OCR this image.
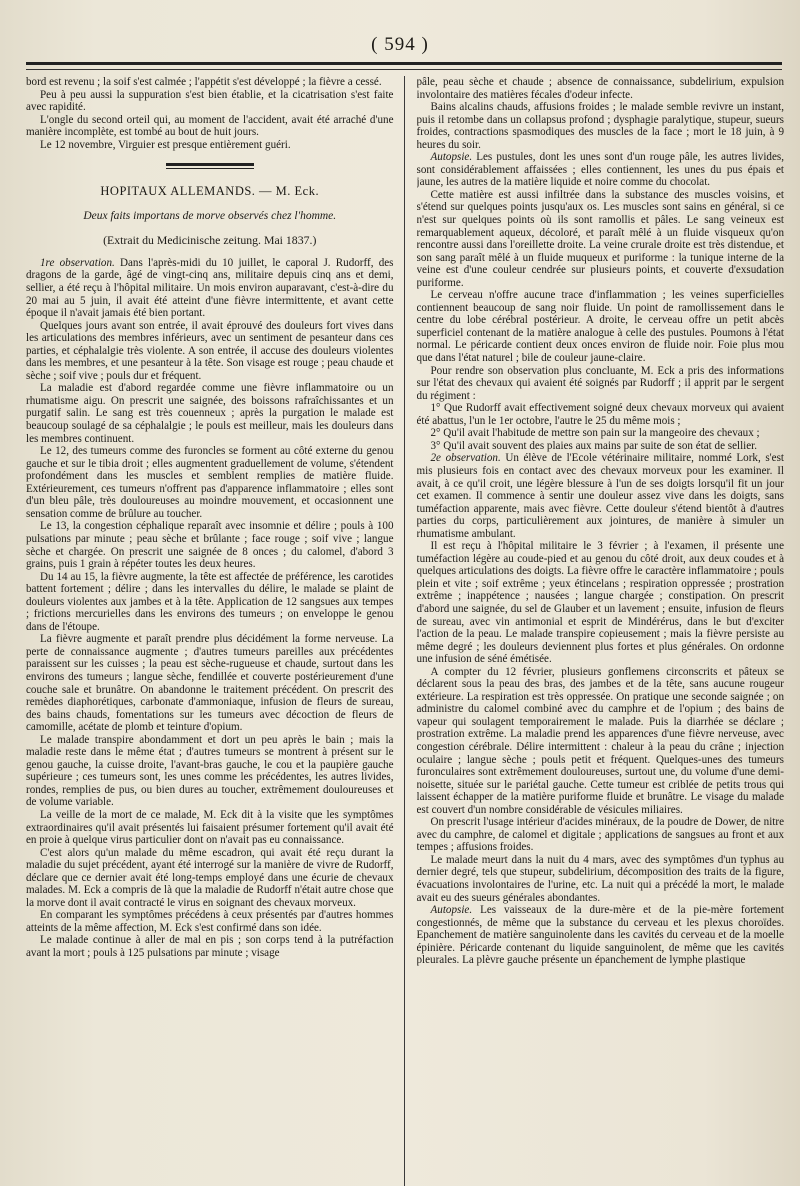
( 594 )

bord est revenu ; la soif s'est calmée ; l'appétit s'est développé ; la fièvre a cessé.

Peu à peu aussi la suppuration s'est bien établie, et la cicatrisation s'est faite avec rapidité.

L'ongle du second orteil qui, au moment de l'accident, avait été arraché d'une manière incomplète, est tombé au bout de huit jours.

Le 12 novembre, Virguier est presque entièrement guéri.

HOPITAUX ALLEMANDS. — M. Eck.
Deux faits importans de morve observés chez l'homme.
(Extrait du Medicinische zeitung. Mai 1837.)

1re observation. Dans l'après-midi du 10 juillet, le caporal J. Rudorff, des dragons de la garde, âgé de vingt-cinq ans, militaire depuis cinq ans et demi, sellier, a été reçu à l'hôpital militaire. Un mois environ auparavant, c'est-à-dire du 20 mai au 5 juin, il avait été atteint d'une fièvre intermittente, et avant cette époque il n'avait jamais été bien portant.

Quelques jours avant son entrée, il avait éprouvé des douleurs fort vives dans les articulations des membres inférieurs, avec un sentiment de pesanteur dans ces parties, et céphalalgie très violente. A son entrée, il accuse des douleurs violentes dans les membres, et une pesanteur à la tête. Son visage est rouge ; peau chaude et sèche ; soif vive ; pouls dur et fréquent.

La maladie est d'abord regardée comme une fièvre inflammatoire ou un rhumatisme aigu. On prescrit une saignée, des boissons rafraîchissantes et un purgatif salin. Le sang est très couenneux ; après la purgation le malade est beaucoup soulagé de sa céphalalgie ; le pouls est meilleur, mais les douleurs dans les membres continuent.

Le 12, des tumeurs comme des furoncles se forment au côté externe du genou gauche et sur le tibia droit ; elles augmentent graduellement de volume, s'étendent profondément dans les muscles et semblent remplies de matière fluide. Extérieurement, ces tumeurs n'offrent pas d'apparence inflammatoire ; elles sont d'un bleu pâle, très douloureuses au moindre mouvement, et occasionnent une sensation comme de brûlure au toucher.

Le 13, la congestion céphalique reparaît avec insomnie et délire ; pouls à 100 pulsations par minute ; peau sèche et brûlante ; face rouge ; soif vive ; langue sèche et chargée. On prescrit une saignée de 8 onces ; du calomel, d'abord 3 grains, puis 1 grain à répéter toutes les deux heures.

Du 14 au 15, la fièvre augmente, la tête est affectée de préférence, les carotides battent fortement ; délire ; dans les intervalles du délire, le malade se plaint de douleurs violentes aux jambes et à la tête. Application de 12 sangsues aux tempes ; frictions mercurielles dans les environs des tumeurs ; on enveloppe le genou dans de l'étoupe.

La fièvre augmente et paraît prendre plus décidément la forme nerveuse. La perte de connaissance augmente ; d'autres tumeurs pareilles aux précédentes paraissent sur les cuisses ; la peau est sèche-rugueuse et chaude, surtout dans les environs des tumeurs ; langue sèche, fendillée et couverte postérieurement d'une couche sale et brunâtre. On abandonne le traitement précédent. On prescrit des remèdes diaphorétiques, carbonate d'ammoniaque, infusion de fleurs de sureau, des bains chauds, fomentations sur les tumeurs avec décoction de fleurs de camomille, acétate de plomb et teinture d'opium.

Le malade transpire abondamment et dort un peu après le bain ; mais la maladie reste dans le même état ; d'autres tumeurs se montrent à présent sur le genou gauche, la cuisse droite, l'avant-bras gauche, le cou et la paupière gauche supérieure ; ces tumeurs sont, les unes comme les précédentes, les autres livides, rondes, remplies de pus, ou bien dures au toucher, extrêmement douloureuses et de volume variable.

La veille de la mort de ce malade, M. Eck dit à la visite que les symptômes extraordinaires qu'il avait présentés lui faisaient présumer fortement qu'il avait été en proie à quelque virus particulier dont on n'avait pas eu connaissance.

C'est alors qu'un malade du même escadron, qui avait été reçu durant la maladie du sujet précédent, ayant été interrogé sur la manière de vivre de Rudorff, déclare que ce dernier avait été long-temps employé dans une écurie de chevaux malades. M. Eck a compris de là que la maladie de Rudorff n'était autre chose que la morve dont il avait contracté le virus en soignant des chevaux morveux.

En comparant les symptômes précédens à ceux présentés par d'autres hommes atteints de la même affection, M. Eck s'est confirmé dans son idée.

Le malade continue à aller de mal en pis ; son corps tend à la putréfaction avant la mort ; pouls à 125 pulsations par minute ; visage

pâle, peau sèche et chaude ; absence de connaissance, subdelirium, expulsion involontaire des matières fécales d'odeur infecte.

Bains alcalins chauds, affusions froides ; le malade semble revivre un instant, puis il retombe dans un collapsus profond ; dysphagie paralytique, stupeur, sueurs froides, contractions spasmodiques des muscles de la face ; mort le 18 juin, à 9 heures du soir.

Autopsie. Les pustules, dont les unes sont d'un rouge pâle, les autres livides, sont considérablement affaissées ; elles contiennent, les unes du pus épais et jaune, les autres de la matière liquide et noire comme du chocolat.

Cette matière est aussi infiltrée dans la substance des muscles voisins, et s'étend sur quelques points jusqu'aux os. Les muscles sont sains en général, si ce n'est sur quelques points où ils sont ramollis et pâles. Le sang veineux est remarquablement aqueux, décoloré, et paraît mêlé à un fluide visqueux qu'on rencontre aussi dans l'oreillette droite. La veine crurale droite est très distendue, et son sang paraît mêlé à un fluide muqueux et puriforme : la tunique interne de la veine est d'une couleur cendrée sur plusieurs points, et couverte d'exsudation puriforme.

Le cerveau n'offre aucune trace d'inflammation ; les veines superficielles contiennent beaucoup de sang noir fluide. Un point de ramollissement dans le centre du lobe cérébral postérieur. A droite, le cerveau offre un petit abcès superficiel contenant de la matière analogue à celle des pustules. Poumons à l'état normal. Le péricarde contient deux onces environ de fluide noir. Foie plus mou que dans l'état naturel ; bile de couleur jaune-claire.

Pour rendre son observation plus concluante, M. Eck a pris des informations sur l'état des chevaux qui avaient été soignés par Rudorff ; il apprit par le sergent du régiment :

1° Que Rudorff avait effectivement soigné deux chevaux morveux qui avaient été abattus, l'un le 1er octobre, l'autre le 25 du même mois ;

2° Qu'il avait l'habitude de mettre son pain sur la mangeoire des chevaux ;

3° Qu'il avait souvent des plaies aux mains par suite de son état de sellier.

2e observation. Un élève de l'Ecole vétérinaire militaire, nommé Lork, s'est mis plusieurs fois en contact avec des chevaux morveux pour les examiner. Il avait, à ce qu'il croit, une légère blessure à l'un de ses doigts lorsqu'il fit un jour cet examen. Il commence à sentir une douleur assez vive dans les doigts, sans tuméfaction apparente, mais avec fièvre. Cette douleur s'étend bientôt à d'autres parties du corps, particulièrement aux jointures, de manière à simuler un rhumatisme ambulant.

Il est reçu à l'hôpital militaire le 3 février ; à l'examen, il présente une tuméfaction légère au coude-pied et au genou du côté droit, aux deux coudes et à quelques articulations des doigts. La fièvre offre le caractère inflammatoire ; pouls plein et vite ; soif extrême ; yeux étincelans ; respiration oppressée ; prostration extrême ; inappétence ; nausées ; langue chargée ; constipation. On prescrit d'abord une saignée, du sel de Glauber et un lavement ; ensuite, infusion de fleurs de sureau, avec vin antimonial et esprit de Mindérérus, dans le but d'exciter l'action de la peau. Le malade transpire copieusement ; mais la fièvre persiste au même degré ; les douleurs deviennent plus fortes et plus générales. On ordonne une infusion de séné émétisée.

A compter du 12 février, plusieurs gonflemens circonscrits et pâteux se déclarent sous la peau des bras, des jambes et de la tête, sans aucune rougeur extérieure. La respiration est très oppressée. On pratique une seconde saignée ; on administre du calomel combiné avec du camphre et de l'opium ; des bains de vapeur qui soulagent temporairement le malade. Puis la diarrhée se déclare ; prostration extrême. La maladie prend les apparences d'une fièvre nerveuse, avec congestion cérébrale. Délire intermittent : chaleur à la peau du crâne ; injection oculaire ; langue sèche ; pouls petit et fréquent. Quelques-unes des tumeurs furonculaires sont extrêmement douloureuses, surtout une, du volume d'une demi-noisette, située sur le pariétal gauche. Cette tumeur est criblée de petits trous qui laissent échapper de la matière puriforme fluide et brunâtre. Le visage du malade est couvert d'un nombre considérable de vésicules miliaires.

On prescrit l'usage intérieur d'acides minéraux, de la poudre de Dower, de nitre avec du camphre, de calomel et digitale ; applications de sangsues au front et aux tempes ; affusions froides.

Le malade meurt dans la nuit du 4 mars, avec des symptômes d'un typhus au dernier degré, tels que stupeur, subdelirium, décomposition des traits de la figure, évacuations involontaires de l'urine, etc. La nuit qui a précédé la mort, le malade avait eu des sueurs générales abondantes.

Autopsie. Les vaisseaux de la dure-mère et de la pie-mère fortement congestionnés, de même que la substance du cerveau et les plexus choroïdes. Epanchement de matière sanguinolente dans les cavités du cerveau et de la moelle épinière. Péricarde contenant du liquide sanguinolent, de même que les cavités pleurales. La plèvre gauche présente un épanchement de lymphe plastique
